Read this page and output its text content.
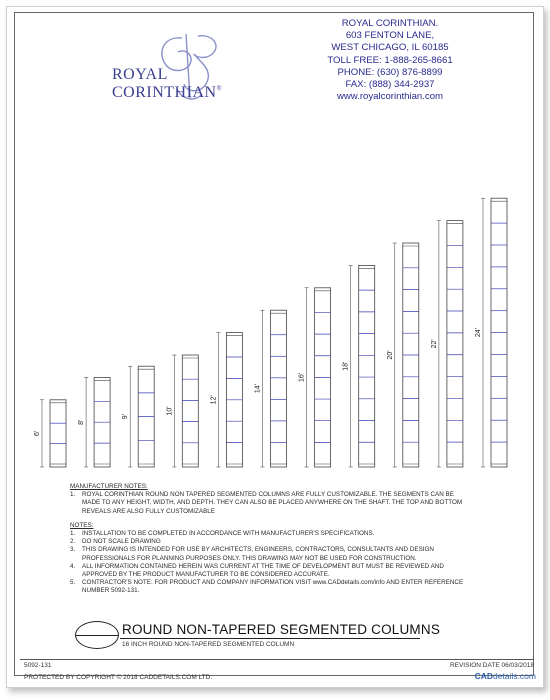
ROYAL CORINTHIAN®
ROYAL CORINTHIAN.
603 FENTON LANE,
WEST CHICAGO, IL 60185
TOLL FREE: 1-888-265-8661
PHONE: (630) 876-8899
FAX: (888) 344-2937
www.royalcorinthian.com
6'
8'
9'
10'
12'
14'
16'
18'
20'
22'
24'
MANUFACTURER NOTES:
1. ROYAL CORINTHIAN ROUND NON TAPERED SEGMENTED COLUMNS ARE FULLY CUSTOMIZABLE. THE SEGMENTS CAN BE MADE TO ANY HEIGHT, WIDTH, AND DEPTH. THEY CAN ALSO BE PLACED ANYWHERE ON THE SHAFT. THE TOP AND BOTTOM REVEALS ARE ALSO FULLY CUSTOMIZABLE
NOTES:
1. INSTALLATION TO BE COMPLETED IN ACCORDANCE WITH MANUFACTURER'S SPECIFICATIONS.
2. DO NOT SCALE DRAWING
3. THIS DRAWING IS INTENDED FOR USE BY ARCHITECTS, ENGINEERS, CONTRACTORS, CONSULTANTS AND DESIGN PROFESSIONALS FOR PLANNING PURPOSES ONLY. THIS DRAWING MAY NOT BE USED FOR CONSTRUCTION.
4. ALL INFORMATION CONTAINED HEREIN WAS CURRENT AT THE TIME OF DEVELOPMENT BUT MUST BE REVIEWED AND APPROVED BY THE PRODUCT MANUFACTURER TO BE CONSIDERED ACCURATE.
5. CONTRACTOR'S NOTE: FOR PRODUCT AND COMPANY INFORMATION VISIT www.CADdetails.com/info AND ENTER REFERENCE NUMBER 5092-131.
ROUND NON-TAPERED SEGMENTED COLUMNS
16 INCH ROUND NON-TAPERED SEGMENTED COLUMN
5092-131	REVISION DATE 06/03/2018
PROTECTED BY COPYRIGHT © 2018 CADDETAILS.COM LTD.	CADdetails.com
